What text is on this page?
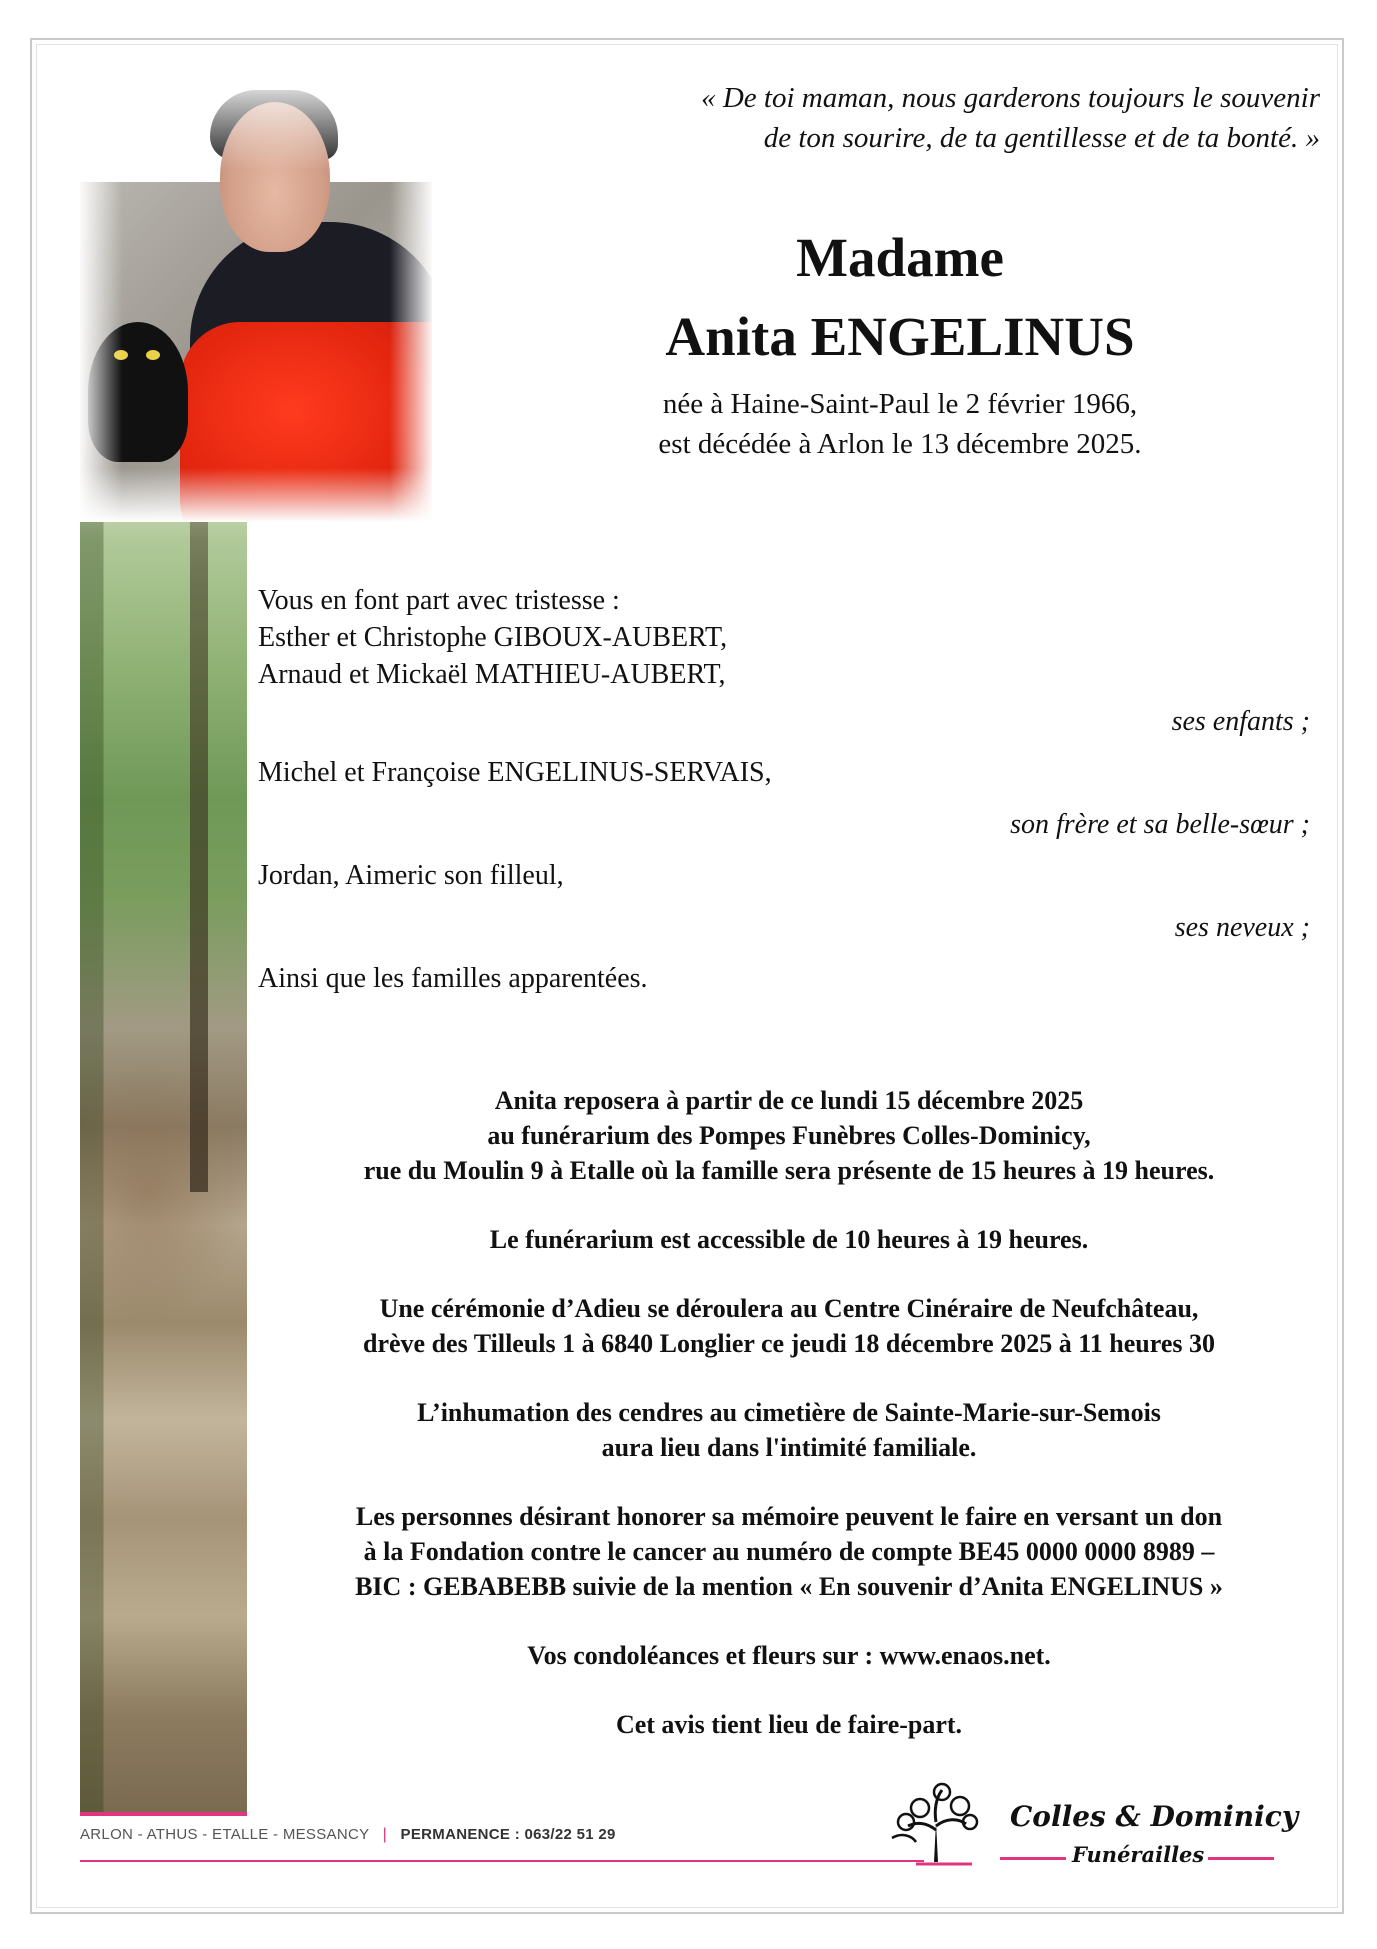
« De toi maman, nous garderons toujours le souvenir
de ton sourire, de ta gentillesse et de ta bonté. »
Madame
Anita ENGELINUS
née à Haine-Saint-Paul le 2 février 1966,
est décédée à Arlon le 13 décembre 2025.
Vous en font part avec tristesse :
Esther et Christophe GIBOUX-AUBERT,
Arnaud et Mickaël MATHIEU-AUBERT,
ses enfants ;
Michel et Françoise ENGELINUS-SERVAIS,
son frère et sa belle-sœur ;
Jordan, Aimeric son filleul,
ses neveux ;
Ainsi que les familles apparentées.

Anita reposera à partir de ce lundi 15 décembre 2025
au funérarium des Pompes Funèbres Colles-Dominicy,
rue du Moulin 9 à Etalle où la famille sera présente de 15 heures à 19 heures.

Le funérarium est accessible de 10 heures à 19 heures.

Une cérémonie d’Adieu se déroulera au Centre Cinéraire de Neufchâteau,
drève des Tilleuls 1 à 6840 Longlier ce jeudi 18 décembre 2025 à 11 heures 30

L’inhumation des cendres au cimetière de Sainte-Marie-sur-Semois
aura lieu dans l'intimité familiale.

Les personnes désirant honorer sa mémoire peuvent le faire en versant un don
à la Fondation contre le cancer au numéro de compte BE45 0000 0000 8989 –
BIC : GEBABEBB suivie de la mention « En souvenir d’Anita ENGELINUS »

Vos condoléances et fleurs sur : www.enaos.net.

Cet avis tient lieu de faire-part.

ARLON - ATHUS - ETALLE - MESSANCY | PERMANENCE : 063/22 51 29
Colles & Dominicy
Funérailles
